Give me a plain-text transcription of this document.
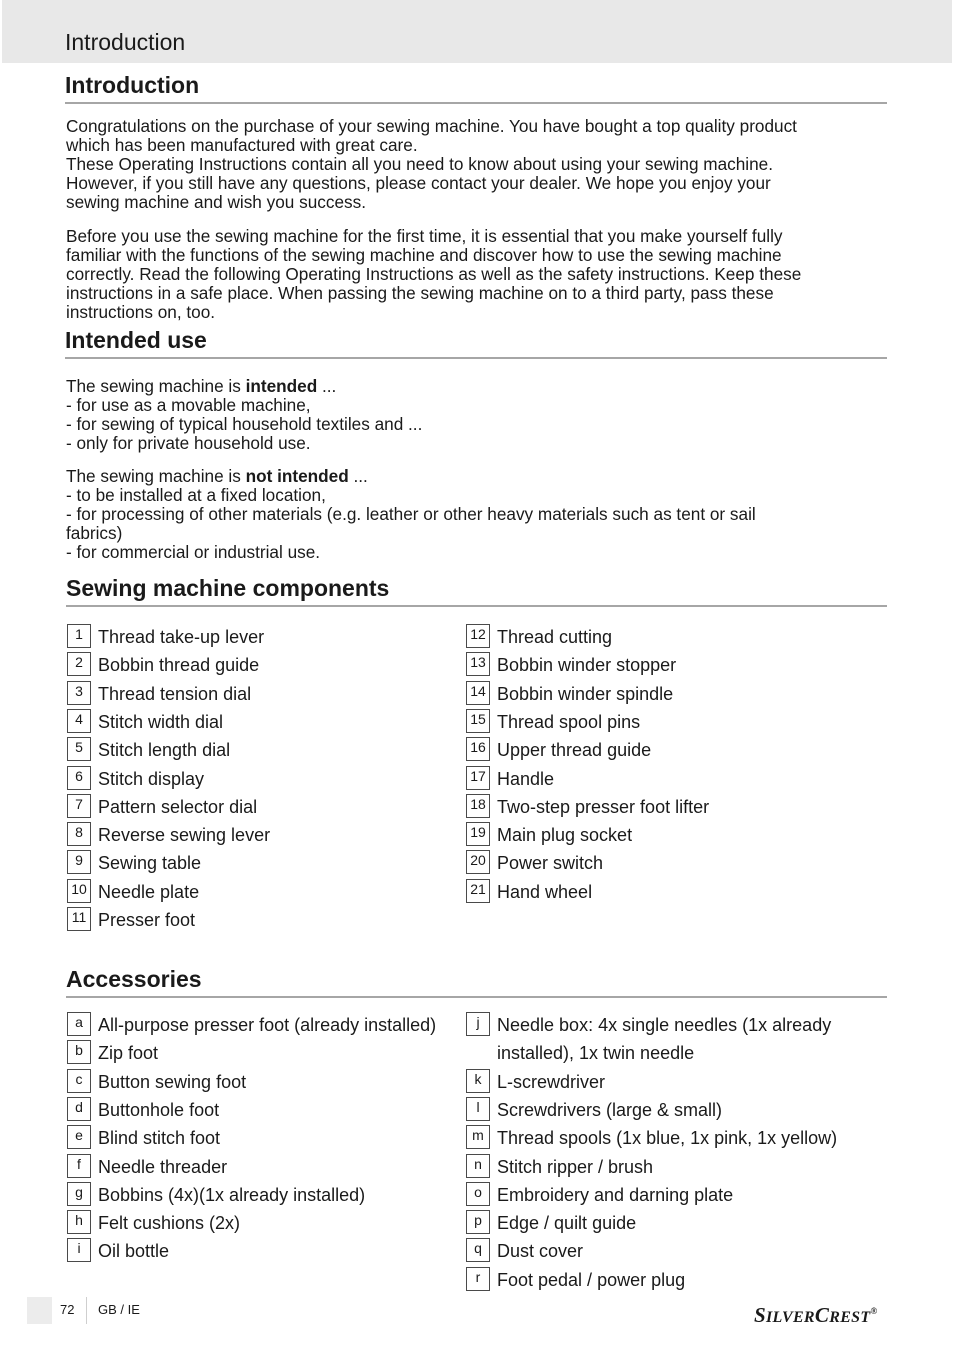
Introduction
Introduction
Congratulations on the purchase of your sewing machine. You have bought a top quality product
which has been manufactured with great care.
These Operating Instructions contain all you need to know about using your sewing machine.
However, if you still have any questions, please contact your dealer. We hope you enjoy your
sewing machine and wish you success.
Before you use the sewing machine for the first time, it is essential that you make yourself fully
familiar with the functions of the sewing machine and discover how to use the sewing machine
correctly. Read the following Operating Instructions as well as the safety instructions. Keep these
instructions in a safe place. When passing the sewing machine on to a third party, pass these
instructions on, too.
Intended use
The sewing machine is intended ...
- for use as a movable machine,
- for sewing of typical household textiles and ...
- only for private household use.
The sewing machine is not intended ...
- to be installed at a fixed location,
- for processing of other materials (e.g. leather or other heavy materials such as tent or sail
fabrics)
- for commercial or industrial use.
Sewing machine components
1 Thread take-up lever
2 Bobbin thread guide
3 Thread tension dial
4 Stitch width dial
5 Stitch length dial
6 Stitch display
7 Pattern selector dial
8 Reverse sewing lever
9 Sewing table
10 Needle plate
11 Presser foot
12 Thread cutting
13 Bobbin winder stopper
14 Bobbin winder spindle
15 Thread spool pins
16 Upper thread guide
17 Handle
18 Two-step presser foot lifter
19 Main plug socket
20 Power switch
21 Hand wheel
Accessories
a All-purpose presser foot (already installed)
b Zip foot
c Button sewing foot
d Buttonhole foot
e Blind stitch foot
f Needle threader
g Bobbins (4x)(1x already installed)
h Felt cushions (2x)
i Oil bottle
j Needle box: 4x single needles (1x already
installed), 1x twin needle
k L-screwdriver
l Screwdrivers (large & small)
m Thread spools (1x blue, 1x pink, 1x yellow)
n Stitch ripper / brush
o Embroidery and darning plate
p Edge / quilt guide
q Dust cover
r Foot pedal / power plug
72 GB / IE	SILVERCREST®
